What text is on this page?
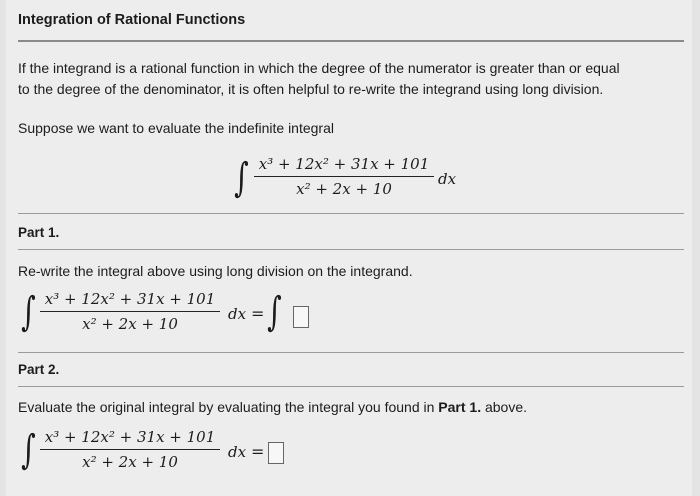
Integration of Rational Functions
If the integrand is a rational function in which the degree of the numerator is greater than or equal
to the degree of the denominator, it is often helpful to re-write the integrand using long division.
Suppose we want to evaluate the indefinite integral
∫ x³ + 12x² + 31x + 101
x² + 2x + 10
dx
Part 1.
Re-write the integral above using long division on the integrand.
∫ x³ + 12x² + 31x + 101
x² + 2x + 10
dx = ∫
Part 2.
Evaluate the original integral by evaluating the integral you found in Part 1. above.
∫ x³ + 12x² + 31x + 101
x² + 2x + 10
dx =
